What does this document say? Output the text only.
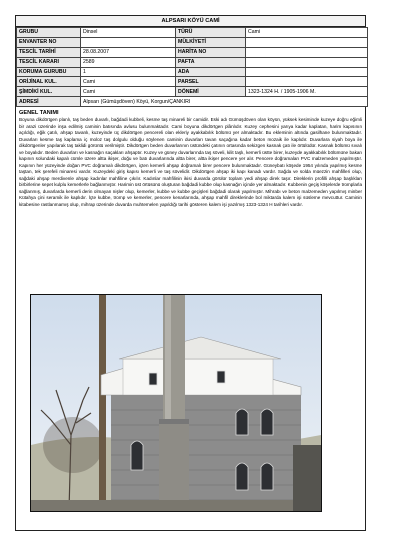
ALPSARI KÖYÜ CAMİ
GRUBU	Dinsel	TÜRÜ	Cami
ENVANTER NO		MÜLKİYETİ	
TESCİL TARİHİ	28.08.2007	HARİTA NO	
TESCİL KARARI	2589	PAFTA	
KORUMA GURUBU	1	ADA	
ORİJİNAL KUL.	Cami	PARSEL	
ŞİMDİKİ KUL.	Cami	DÖNEMİ	1323-1324 H. / 1905-1906 M.
ADRESİ	Alpsarı (Gümüşdöven) Köyü, Korgun/ÇANKIRI		
GENEL TANIMI

Boyuna dikdörtgen planlı, taş beden duvarlı, bağdadi kubbeli, kesme taş minareli bir camidir. Eski adı Gümüşdöven olan köyün, yüksek kesiminde kuzeye doğru eğimli bir arazi üzerinde inşa edilmiş caminin batısında avlusu bulunmaktadır. Cami boyuna dikdörtgen plânlıdır. Kuzey cephesini yarıya kadar kaplatan, harim kapısının açıldığı, eğik çatılı, ahşap tavanlı, kuzeyinde üç dikdörtgen pencereli olan ekleriy ayakkabılık bölümü yer almaktadır. Bu ekleminin altında gasilhane bulunmaktadır. Duvarları kesme taş kaplama iç moloz taş dolgulu olduğu söylenen caminin duvarları tavan saçağına kadar beton mozaik ile kaplıdır. Duvarlara siyah boya ile dikdörtgenler yapılarak taş taklidi görüntü verilmiştir. Dikdörtgen beden duvarlarının üstündeki çatının ortasında sekizgen kasnak çatı ile örtülüdür. Kasnak bölümü sıvalı ve boyalıdır. Beden duvarları ve kasnağın saçakları ahşaptır. Kuzey ve güney duvarlarında taş söveli, kilit taşlı, kemerli üstte birer, kuzeyde ayakkabılık bölümüne bakan kapının solundaki kapalı cümle üzere altta ikişer, doğu ve batı duvarlarında altta birer, altta ikişer pencere yer alır. Pencere doğramaları PVC malzemeden yapılmıştır. Kapının her yüzeyinde doğan PVC doğramalı dikdörtgen, içten kemerli ahşap doğramalı birer pencere bulunmaktadır. Güneybatı köşede 1954 yılında yapılmış kesme taştan, tek şerefeli minaresi vardır. Kuzeydeki giriş kapısı kemerli ve taş sövelidir. Dikdörtgen ahşap iki kapı kanadı vardır. Sağda ve solda müezzin mahfilleri olup, sağdaki ahşap merdivenle ahşap kadınlar mahfiline çıkılır. Kadınlar mahfilinin ikisi duvarda görülür toplam yedi ahşap direk taşır. Direklerin profilli ahşap başlıkları birbirlerine sepet kulplu kemerlerle bağlanmıştır. Harimin üst örtüsünü oluşturan bağdadi kubbe olup kasnağın içinde yer almaktadır. Kubbenin geçiş köşelerde tromplarla sağlanmış, duvarlarda kemerli derin olmayan nişler olup, kemerler, kubbe ve kubbe geçişleri bağdadi olarak yapılmıştır. Mihrabı ve beton malzemeden yapılmış minber Kütahya çini seramik ile kaplıdır. İçte kubbe, tromp ve kemerler, pencere kenarlarında, ahşap mahfil direklerinde bol miktarda kalem işi süsleme mevcuttur. Caminin kitabesine rastlanmamış olup, mihrap üzerinde duvarda muhtemelen yapıldığı tarihi gösteren kalem işi yazılmış 1323-1324 H tarihleri vardır.
